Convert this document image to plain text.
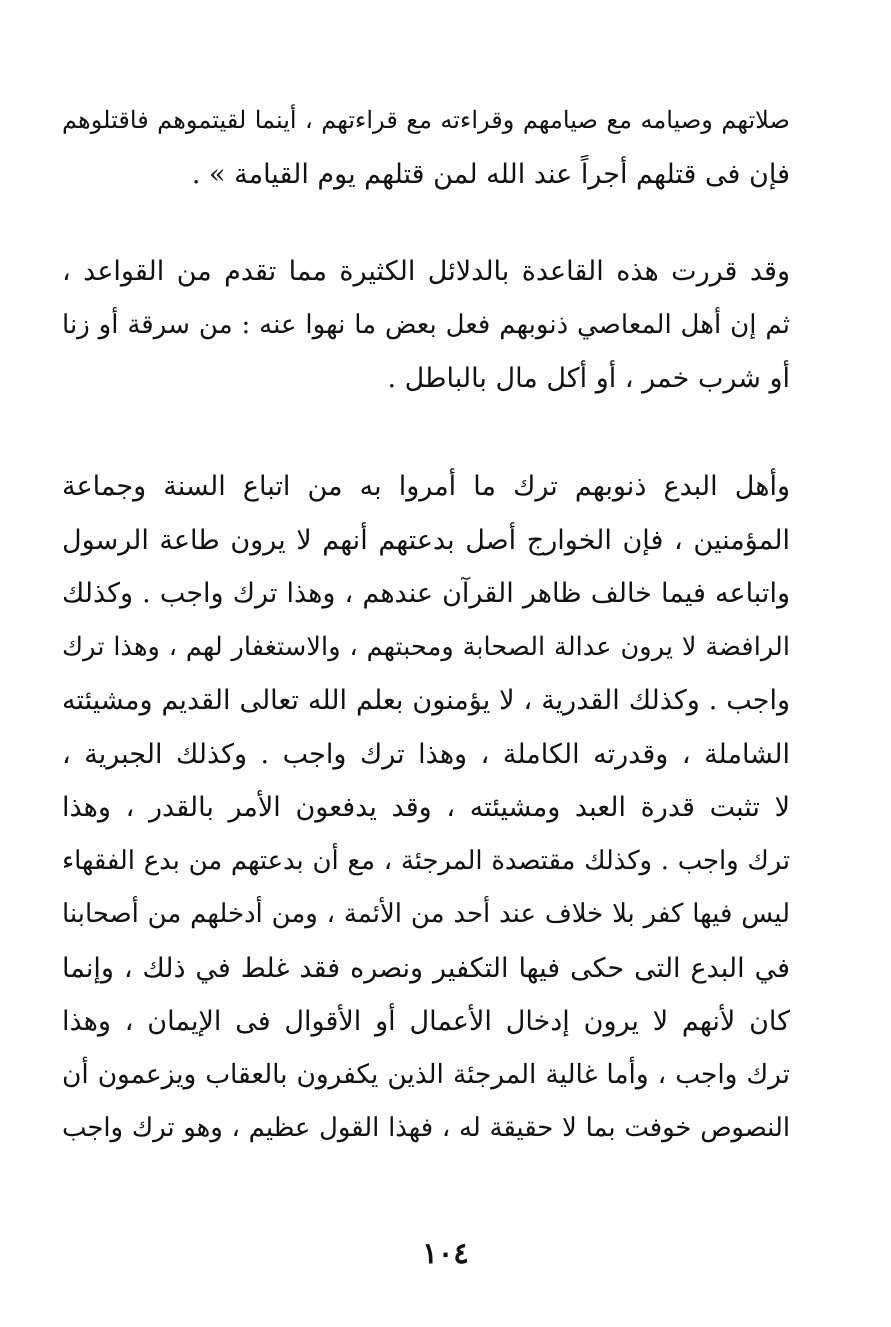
صلاتهم وصيامه مع صيامهم وقراءته مع قراءتهم ، أينما لقيتموهم فاقتلوهم
فإن فى قتلهم أجراً عند الله لمن قتلهم يوم القيامة » .
وقد قررت هذه القاعدة بالدلائل الكثيرة مما تقدم من القواعد ،
ثم إن أهل المعاصي ذنوبهم فعل بعض ما نهوا عنه : من سرقة أو زنا
أو شرب خمر ، أو أكل مال بالباطل .
وأهل البدع ذنوبهم ترك ما أمروا به من اتباع السنة وجماعة
المؤمنين ، فإن الخوارج أصل بدعتهم أنهم لا يرون طاعة الرسول
واتباعه فيما خالف ظاهر القرآن عندهم ، وهذا ترك واجب . وكذلك
الرافضة لا يرون عدالة الصحابة ومحبتهم ، والاستغفار لهم ، وهذا ترك
واجب . وكذلك القدرية ، لا يؤمنون بعلم الله تعالى القديم ومشيئته
الشاملة ، وقدرته الكاملة ، وهذا ترك واجب . وكذلك الجبرية ،
لا تثبت قدرة العبد ومشيئته ، وقد يدفعون الأمر بالقدر ، وهذا
ترك واجب . وكذلك مقتصدة المرجئة ، مع أن بدعتهم من بدع الفقهاء
ليس فيها كفر بلا خلاف عند أحد من الأئمة ، ومن أدخلهم من أصحابنا
في البدع التى حكى فيها التكفير ونصره فقد غلط في ذلك ، وإنما
كان لأنهم لا يرون إدخال الأعمال أو الأقوال فى الإيمان ، وهذا
ترك واجب ، وأما غالية المرجئة الذين يكفرون بالعقاب ويزعمون أن
النصوص خوفت بما لا حقيقة له ، فهذا القول عظيم ، وهو ترك واجب
١٠٤
